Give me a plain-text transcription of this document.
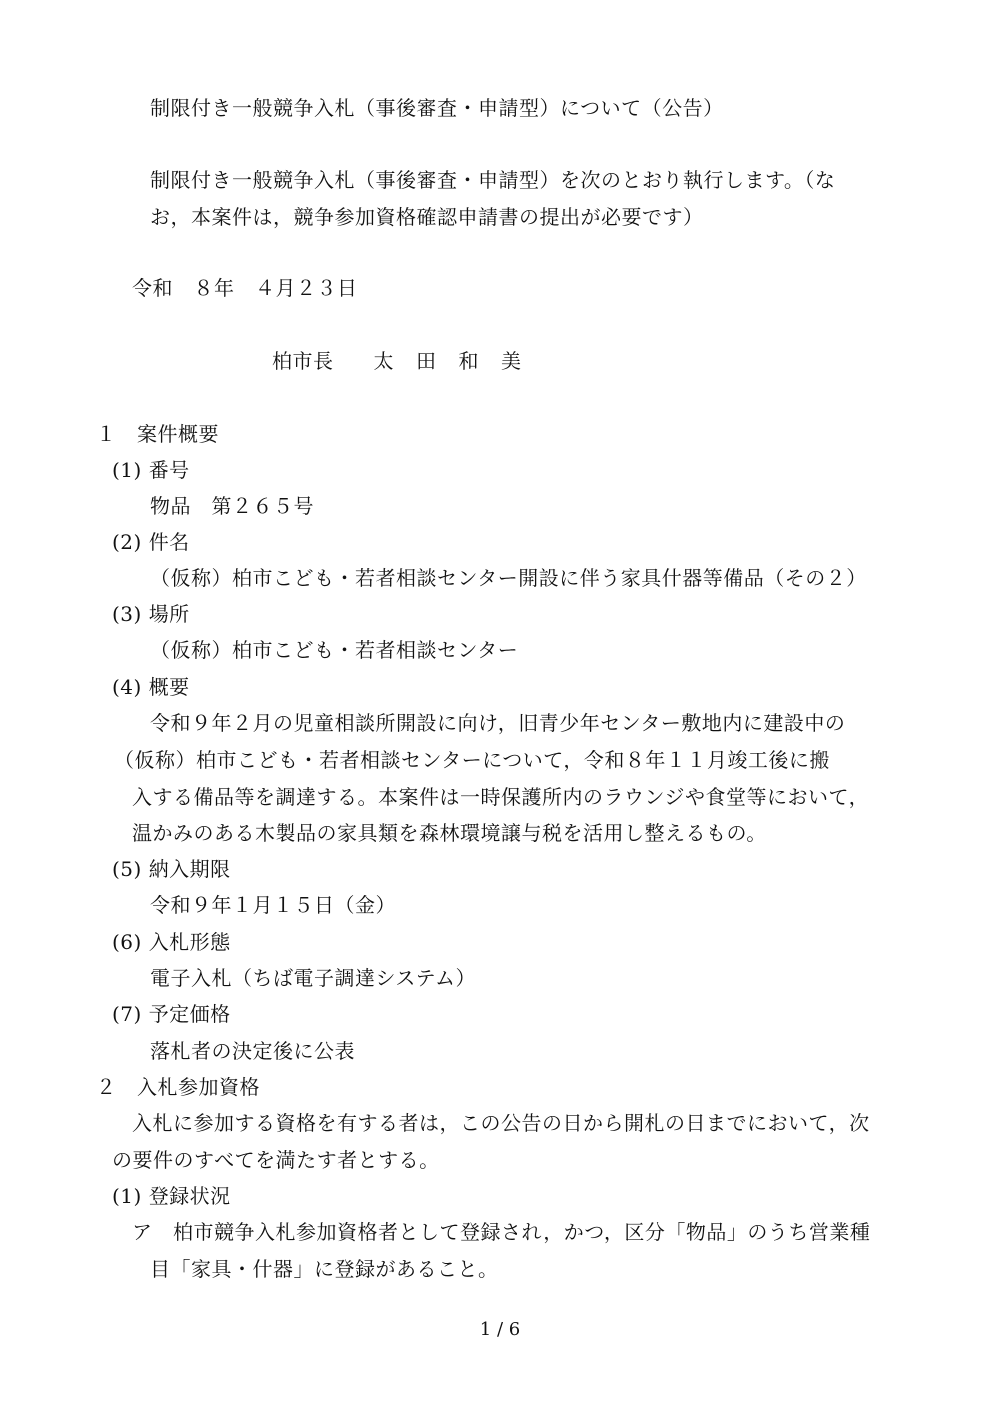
制限付き一般競争入札（事後審査・申請型）について（公告）
制限付き一般競争入札（事後審査・申請型）を次のとおり執行します。（な
お，本案件は，競争参加資格確認申請書の提出が必要です）
令和　８年　４月２３日
柏市長 太 田 和 美
１　案件概要
(1) 番号
物品　第２６５号
(2) 件名
（仮称）柏市こども・若者相談センター開設に伴う家具什器等備品（その２）
(3) 場所
（仮称）柏市こども・若者相談センター
(4) 概要
令和９年２月の児童相談所開設に向け，旧青少年センター敷地内に建設中の
（仮称）柏市こども・若者相談センターについて，令和８年１１月竣工後に搬
入する備品等を調達する。本案件は一時保護所内のラウンジや食堂等において，
温かみのある木製品の家具類を森林環境譲与税を活用し整えるもの。
(5) 納入期限
令和９年１月１５日（金）
(6) 入札形態
電子入札（ちば電子調達システム）
(7) 予定価格
落札者の決定後に公表
２　入札参加資格
入札に参加する資格を有する者は，この公告の日から開札の日までにおいて，次
の要件のすべてを満たす者とする。
(1) 登録状況
ア　柏市競争入札参加資格者として登録され，かつ，区分「物品」のうち営業種
目「家具・什器」に登録があること。
1 / 6
